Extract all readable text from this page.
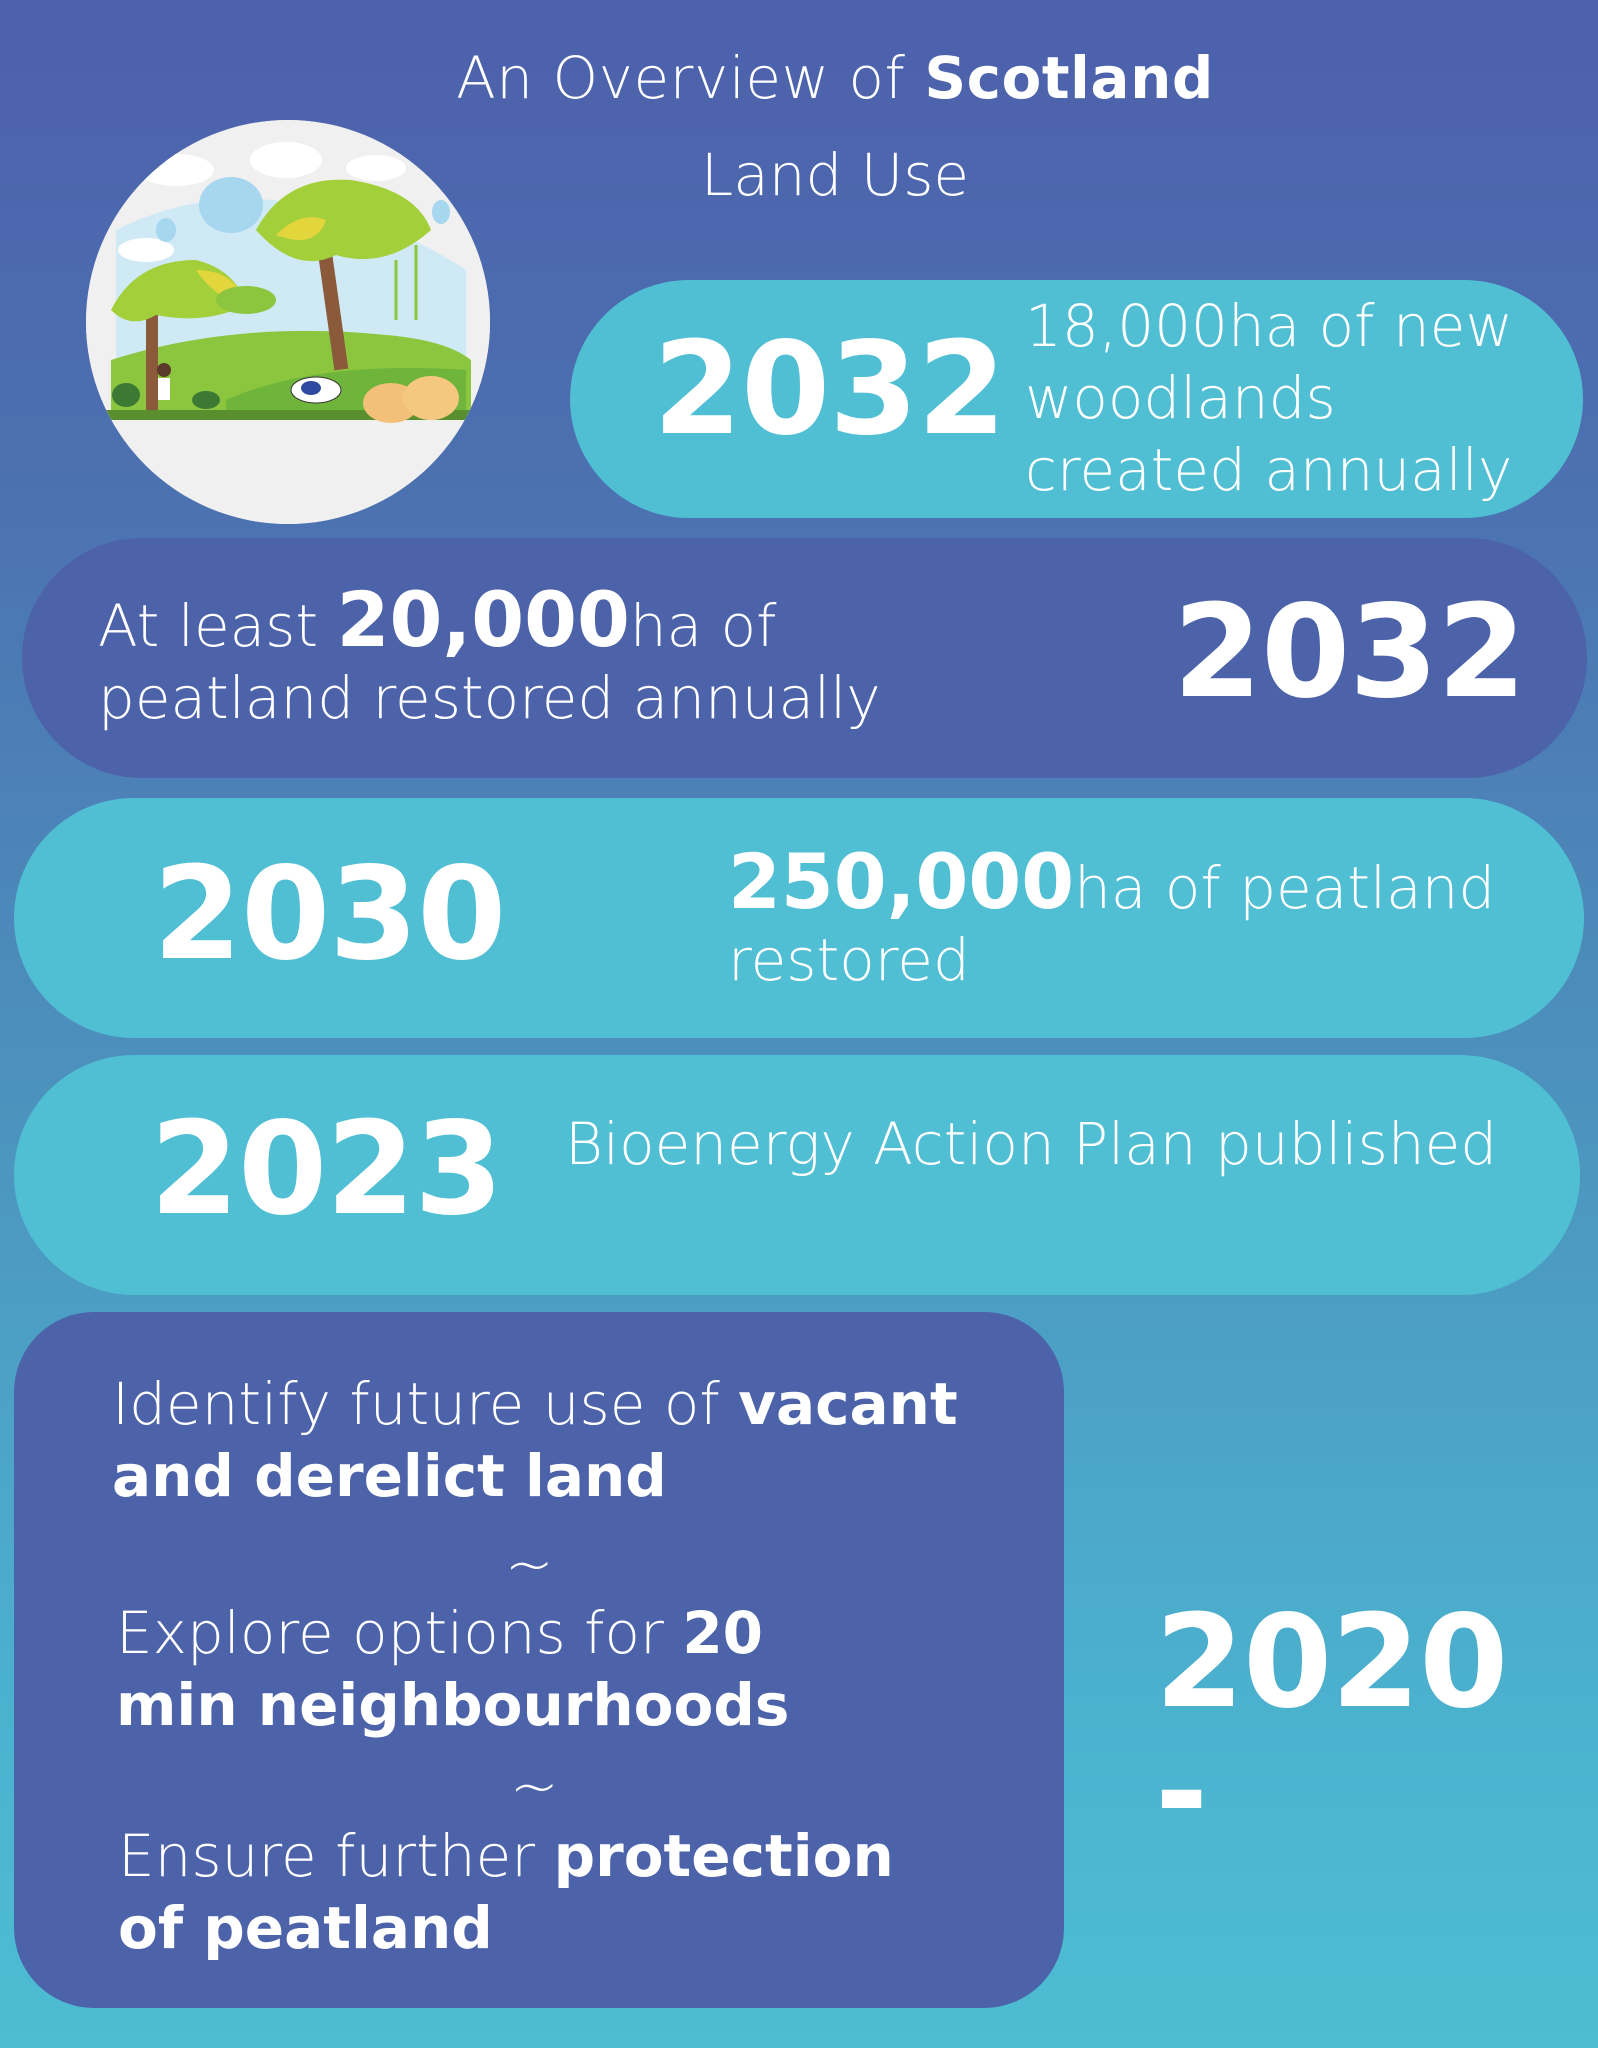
An Overview of Scotland
Land Use
2032 18,000ha of new woodlands created annually
At least 20,000ha of peatland restored annually 2032
2030	250,000ha of peatland restored
2023 Bioenergy Action Plan published
Identify future use of vacant and derelict land
~
Explore options for 20 min neighbourhoods
~
Ensure further protection of peatland
2020 -
